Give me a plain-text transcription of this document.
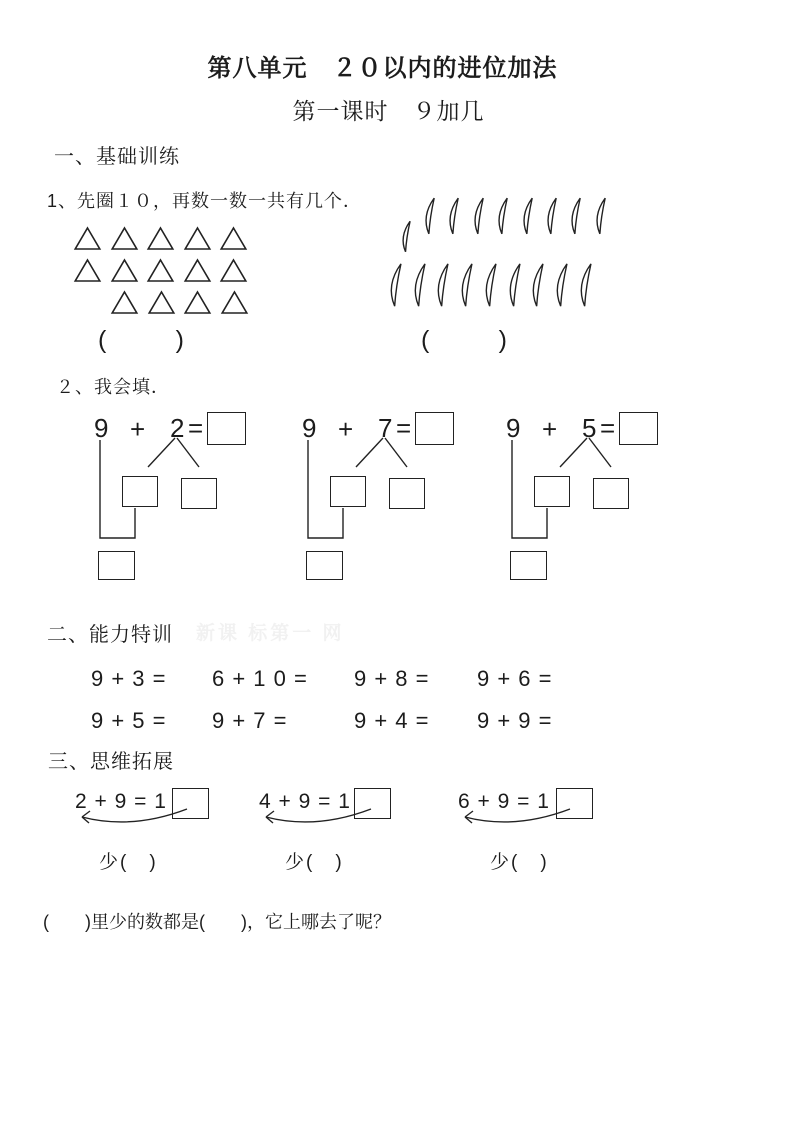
第八单元　２０以内的进位加法
第一课时　９加几
一、基础训练
1、先圈１０，再数一数一共有几个．
(	)	(	)
２、我会填．
9 + 2 =	9 + 7 =	9 + 5 =
新课 标第一 网
二、能力特训
9 + 3 = 6 + 1 0 = 9 + 8 = 9 + 6 =
9 + 5 = 9 + 7 =	9 + 4 = 9 + 9 =
三、思维拓展
2 + 9 = 1
少(　)
4 + 9 = 1
少(　)
6 + 9 = 1
少(　)
(　　)里少的数都是(　　)，它上哪去了呢？
